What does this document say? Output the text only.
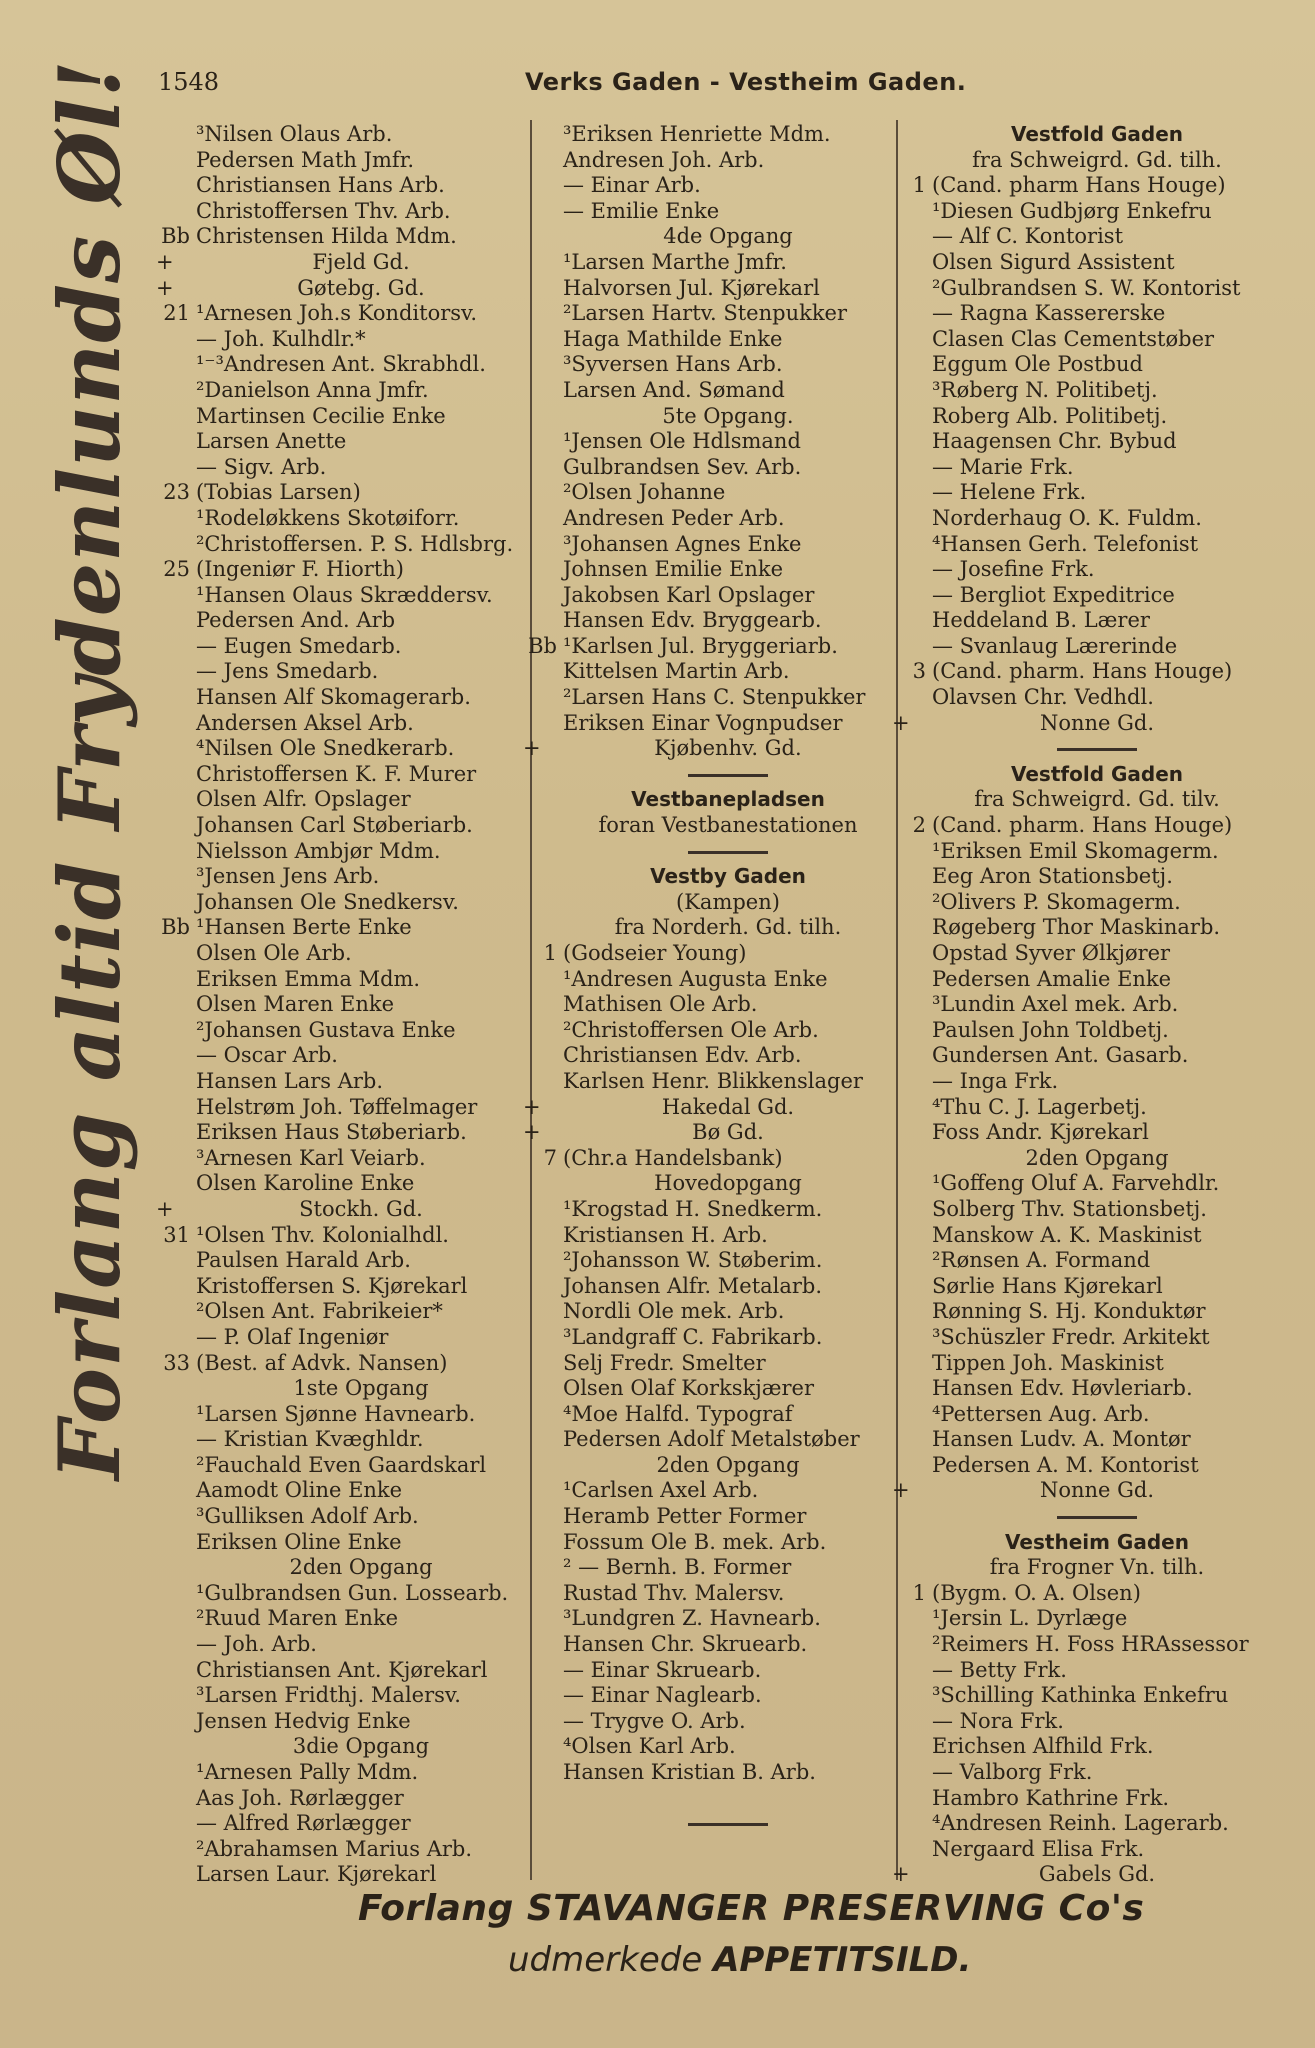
1548	Verks Gaden - Vestheim Gaden.
Forlang altid Frydenlunds Øl!	³Nilsen Olaus Arb.
Pedersen Math Jmfr.
Christiansen Hans Arb.
Christoffersen Thv. Arb.
Bb Christensen Hilda Mdm.
+	Fjeld Gd.
+	Gøtebg. Gd.
21 ¹Arnesen Joh.s Konditorsv.
— Joh. Kulhdlr.*
¹⁻³Andresen Ant. Skrabhdl.
²Danielson Anna Jmfr.
Martinsen Cecilie Enke
Larsen Anette
— Sigv. Arb.
23 (Tobias Larsen)
¹Rodeløkkens Skotøiforr.
²Christoffersen. P. S. Hdlsbrg.
25 (Ingeniør F. Hiorth)
¹Hansen Olaus Skræddersv.
Pedersen And. Arb
— Eugen Smedarb.
— Jens Smedarb.
Hansen Alf Skomagerarb.
Andersen Aksel Arb.
⁴Nilsen Ole Snedkerarb.
Christoffersen K. F. Murer
Olsen Alfr. Opslager
Johansen Carl Støberiarb.
Nielsson Ambjør Mdm.
³Jensen Jens Arb.
Johansen Ole Snedkersv.
Bb ¹Hansen Berte Enke
Olsen Ole Arb.
Eriksen Emma Mdm.
Olsen Maren Enke
²Johansen Gustava Enke
— Oscar Arb.
Hansen Lars Arb.
Helstrøm Joh. Tøffelmager
Eriksen Haus Støberiarb.
³Arnesen Karl Veiarb.
Olsen Karoline Enke
+	Stockh. Gd.
31 ¹Olsen Thv. Kolonialhdl.
Paulsen Harald Arb.
Kristoffersen S. Kjørekarl
²Olsen Ant. Fabrikeier*
— P. Olaf Ingeniør
33 (Best. af Advk. Nansen)
1ste Opgang
¹Larsen Sjønne Havnearb.
— Kristian Kvæghldr.
²Fauchald Even Gaardskarl
Aamodt Oline Enke
³Gulliksen Adolf Arb.
Eriksen Oline Enke
2den Opgang
¹Gulbrandsen Gun. Lossearb.
²Ruud Maren Enke
— Joh. Arb.
Christiansen Ant. Kjørekarl
³Larsen Fridthj. Malersv.
Jensen Hedvig Enke
3die Opgang
¹Arnesen Pally Mdm.
Aas Joh. Rørlægger
— Alfred Rørlægger
²Abrahamsen Marius Arb.
Larsen Laur. Kjørekarl
³Eriksen Henriette Mdm.
Andresen Joh. Arb.
— Einar Arb.
— Emilie Enke
4de Opgang
¹Larsen Marthe Jmfr.
Halvorsen Jul. Kjørekarl
²Larsen Hartv. Stenpukker
Haga Mathilde Enke
³Syversen Hans Arb.
Larsen And. Sømand
5te Opgang.
¹Jensen Ole Hdlsmand
Gulbrandsen Sev. Arb.
²Olsen Johanne
Andresen Peder Arb.
³Johansen Agnes Enke
Johnsen Emilie Enke
Jakobsen Karl Opslager
Hansen Edv. Bryggearb.
Bb ¹Karlsen Jul. Bryggeriarb.
Kittelsen Martin Arb.
²Larsen Hans C. Stenpukker
Eriksen Einar Vognpudser
+	Kjøbenhv. Gd.
Vestbanepladsen
foran Vestbanestationen
Vestby Gaden
(Kampen)
fra Norderh. Gd. tilh.
1 (Godseier Young)
¹Andresen Augusta Enke
Mathisen Ole Arb.
²Christoffersen Ole Arb.
Christiansen Edv. Arb.
Karlsen Henr. Blikkenslager
+	Hakedal Gd.
+	Bø Gd.
7 (Chr.a Handelsbank)
Hovedopgang
¹Krogstad H. Snedkerm.
Kristiansen H. Arb.
²Johansson W. Støberim.
Johansen Alfr. Metalarb.
Nordli Ole mek. Arb.
³Landgraff C. Fabrikarb.
Selj Fredr. Smelter
Olsen Olaf Korkskjærer
⁴Moe Halfd. Typograf
Pedersen Adolf Metalstøber
2den Opgang
¹Carlsen Axel Arb.
Heramb Petter Former
Fossum Ole B. mek. Arb.
² — Bernh. B. Former
Rustad Thv. Malersv.
³Lundgren Z. Havnearb.
Hansen Chr. Skruearb.
— Einar Skruearb.
— Einar Naglearb.
— Trygve O. Arb.
⁴Olsen Karl Arb.
Hansen Kristian B. Arb.
Vestfold Gaden
fra Schweigrd. Gd. tilh.
1 (Cand. pharm Hans Houge)
¹Diesen Gudbjørg Enkefru
— Alf C. Kontorist
Olsen Sigurd Assistent
²Gulbrandsen S. W. Kontorist
— Ragna Kassererske
Clasen Clas Cementstøber
Eggum Ole Postbud
³Røberg N. Politibetj.
Roberg Alb. Politibetj.
Haagensen Chr. Bybud
— Marie Frk.
— Helene Frk.
Norderhaug O. K. Fuldm.
⁴Hansen Gerh. Telefonist
— Josefine Frk.
— Bergliot Expeditrice
Heddeland B. Lærer
— Svanlaug Lærerinde
3 (Cand. pharm. Hans Houge)
Olavsen Chr. Vedhdl.
+	Nonne Gd.
Vestfold Gaden
fra Schweigrd. Gd. tilv.
2 (Cand. pharm. Hans Houge)
¹Eriksen Emil Skomagerm.
Eeg Aron Stationsbetj.
²Olivers P. Skomagerm.
Røgeberg Thor Maskinarb.
Opstad Syver Ølkjører
Pedersen Amalie Enke
³Lundin Axel mek. Arb.
Paulsen John Toldbetj.
Gundersen Ant. Gasarb.
— Inga Frk.
⁴Thu C. J. Lagerbetj.
Foss Andr. Kjørekarl
2den Opgang
¹Goffeng Oluf A. Farvehdlr.
Solberg Thv. Stationsbetj.
Manskow A. K. Maskinist
²Rønsen A. Formand
Sørlie Hans Kjørekarl
Rønning S. Hj. Konduktør
³Schüszler Fredr. Arkitekt
Tippen Joh. Maskinist
Hansen Edv. Høvleriarb.
⁴Pettersen Aug. Arb.
Hansen Ludv. A. Montør
Pedersen A. M. Kontorist
+	Nonne Gd.
Vestheim Gaden
fra Frogner Vn. tilh.
1 (Bygm. O. A. Olsen)
¹Jersin L. Dyrlæge
²Reimers H. Foss HRAssessor
— Betty Frk.
³Schilling Kathinka Enkefru
— Nora Frk.
Erichsen Alfhild Frk.
— Valborg Frk.
Hambro Kathrine Frk.
⁴Andresen Reinh. Lagerarb.
Nergaard Elisa Frk.
+	Gabels Gd.
Forlang STAVANGER PRESERVING Co's
udmerkede APPETITSILD.
